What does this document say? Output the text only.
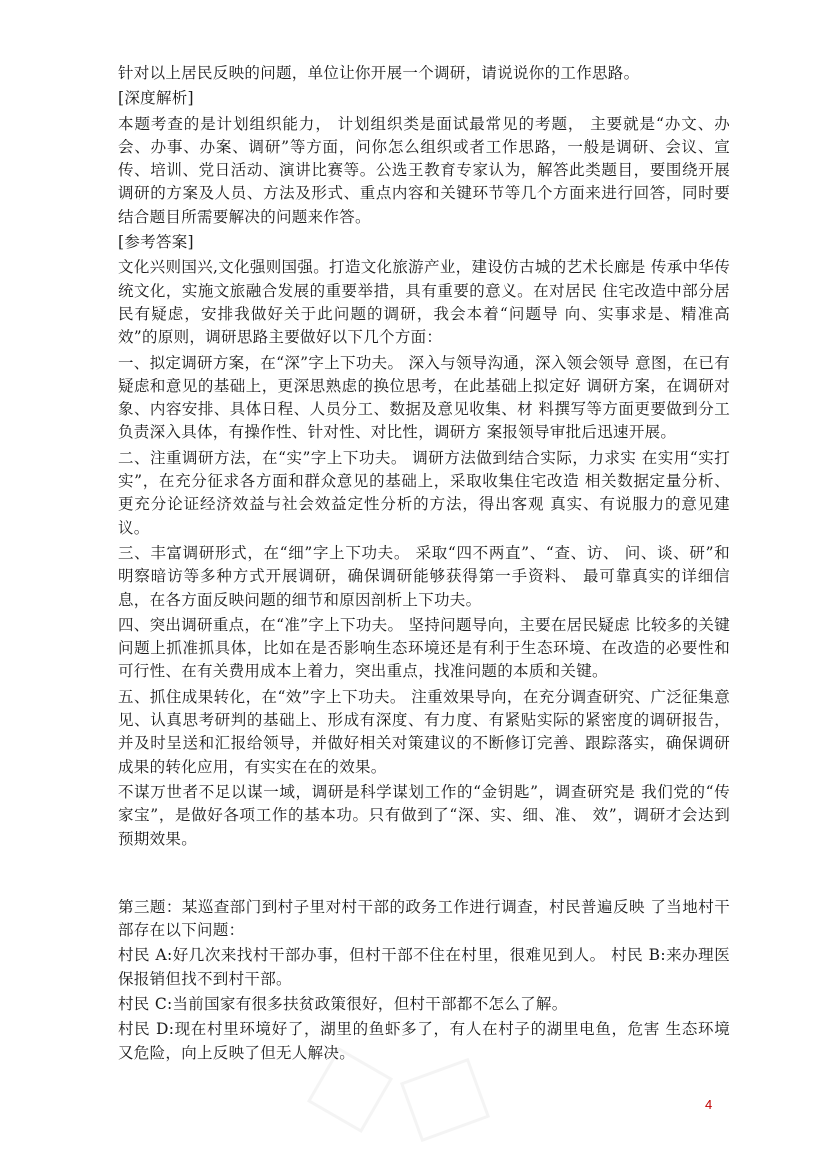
针对以上居民反映的问题，单位让你开展一个调研，请说说你的工作思路。

[深度解析]

本题考查的是计划组织能力， 计划组织类是面试最常见的考题， 主要就是“办文、办会、办事、办案、调研”等方面，问你怎么组织或者工作思路，一般是调研、会议、宣传、培训、党日活动、演讲比赛等。公选王教育专家认为，解答此类题目，要围绕开展调研的方案及人员、方法及形式、重点内容和关键环节等几个方面来进行回答，同时要结合题目所需要解决的问题来作答。

[参考答案]

文化兴则国兴,文化强则国强。打造文化旅游产业，建设仿古城的艺术长廊是 传承中华传统文化，实施文旅融合发展的重要举措，具有重要的意义。在对居民 住宅改造中部分居民有疑虑，安排我做好关于此问题的调研，我会本着“问题导 向、实事求是、精准高效”的原则，调研思路主要做好以下几个方面：

一、拟定调研方案，在“深”字上下功夫。 深入与领导沟通，深入领会领导 意图，在已有疑虑和意见的基础上，更深思熟虑的换位思考，在此基础上拟定好 调研方案，在调研对象、内容安排、具体日程、人员分工、数据及意见收集、材 料撰写等方面更要做到分工负责深入具体，有操作性、针对性、对比性，调研方 案报领导审批后迅速开展。

二、注重调研方法，在“实”字上下功夫。 调研方法做到结合实际，力求实 在实用“实打实”，在充分征求各方面和群众意见的基础上，采取收集住宅改造 相关数据定量分析、更充分论证经济效益与社会效益定性分析的方法，得出客观 真实、有说服力的意见建议。

三、丰富调研形式，在“细”字上下功夫。 采取“四不两直”、“查、访、 问、谈、研”和明察暗访等多种方式开展调研，确保调研能够获得第一手资料、 最可靠真实的详细信息，在各方面反映问题的细节和原因剖析上下功夫。

四、突出调研重点，在“准”字上下功夫。 坚持问题导向，主要在居民疑虑 比较多的关键问题上抓准抓具体，比如在是否影响生态环境还是有利于生态环境、在改造的必要性和可行性、在有关费用成本上着力，突出重点，找准问题的本质和关键。

五、抓住成果转化，在“效”字上下功夫。 注重效果导向，在充分调查研究、广泛征集意见、认真思考研判的基础上、形成有深度、有力度、有紧贴实际的紧密度的调研报告，并及时呈送和汇报给领导，并做好相关对策建议的不断修订完善、跟踪落实，确保调研成果的转化应用，有实实在在的效果。

不谋万世者不足以谋一域，调研是科学谋划工作的“金钥匙”，调查研究是 我们党的“传家宝”，是做好各项工作的基本功。只有做到了“深、实、细、准、 效”，调研才会达到预期效果。

第三题：某巡查部门到村子里对村干部的政务工作进行调查，村民普遍反映 了当地村干部存在以下问题：

村民 A:好几次来找村干部办事，但村干部不住在村里，很难见到人。 村民 B:来办理医保报销但找不到村干部。

村民 C:当前国家有很多扶贫政策很好，但村干部都不怎么了解。

村民 D:现在村里环境好了，湖里的鱼虾多了，有人在村子的湖里电鱼，危害 生态环境又危险，向上反映了但无人解决。

4
